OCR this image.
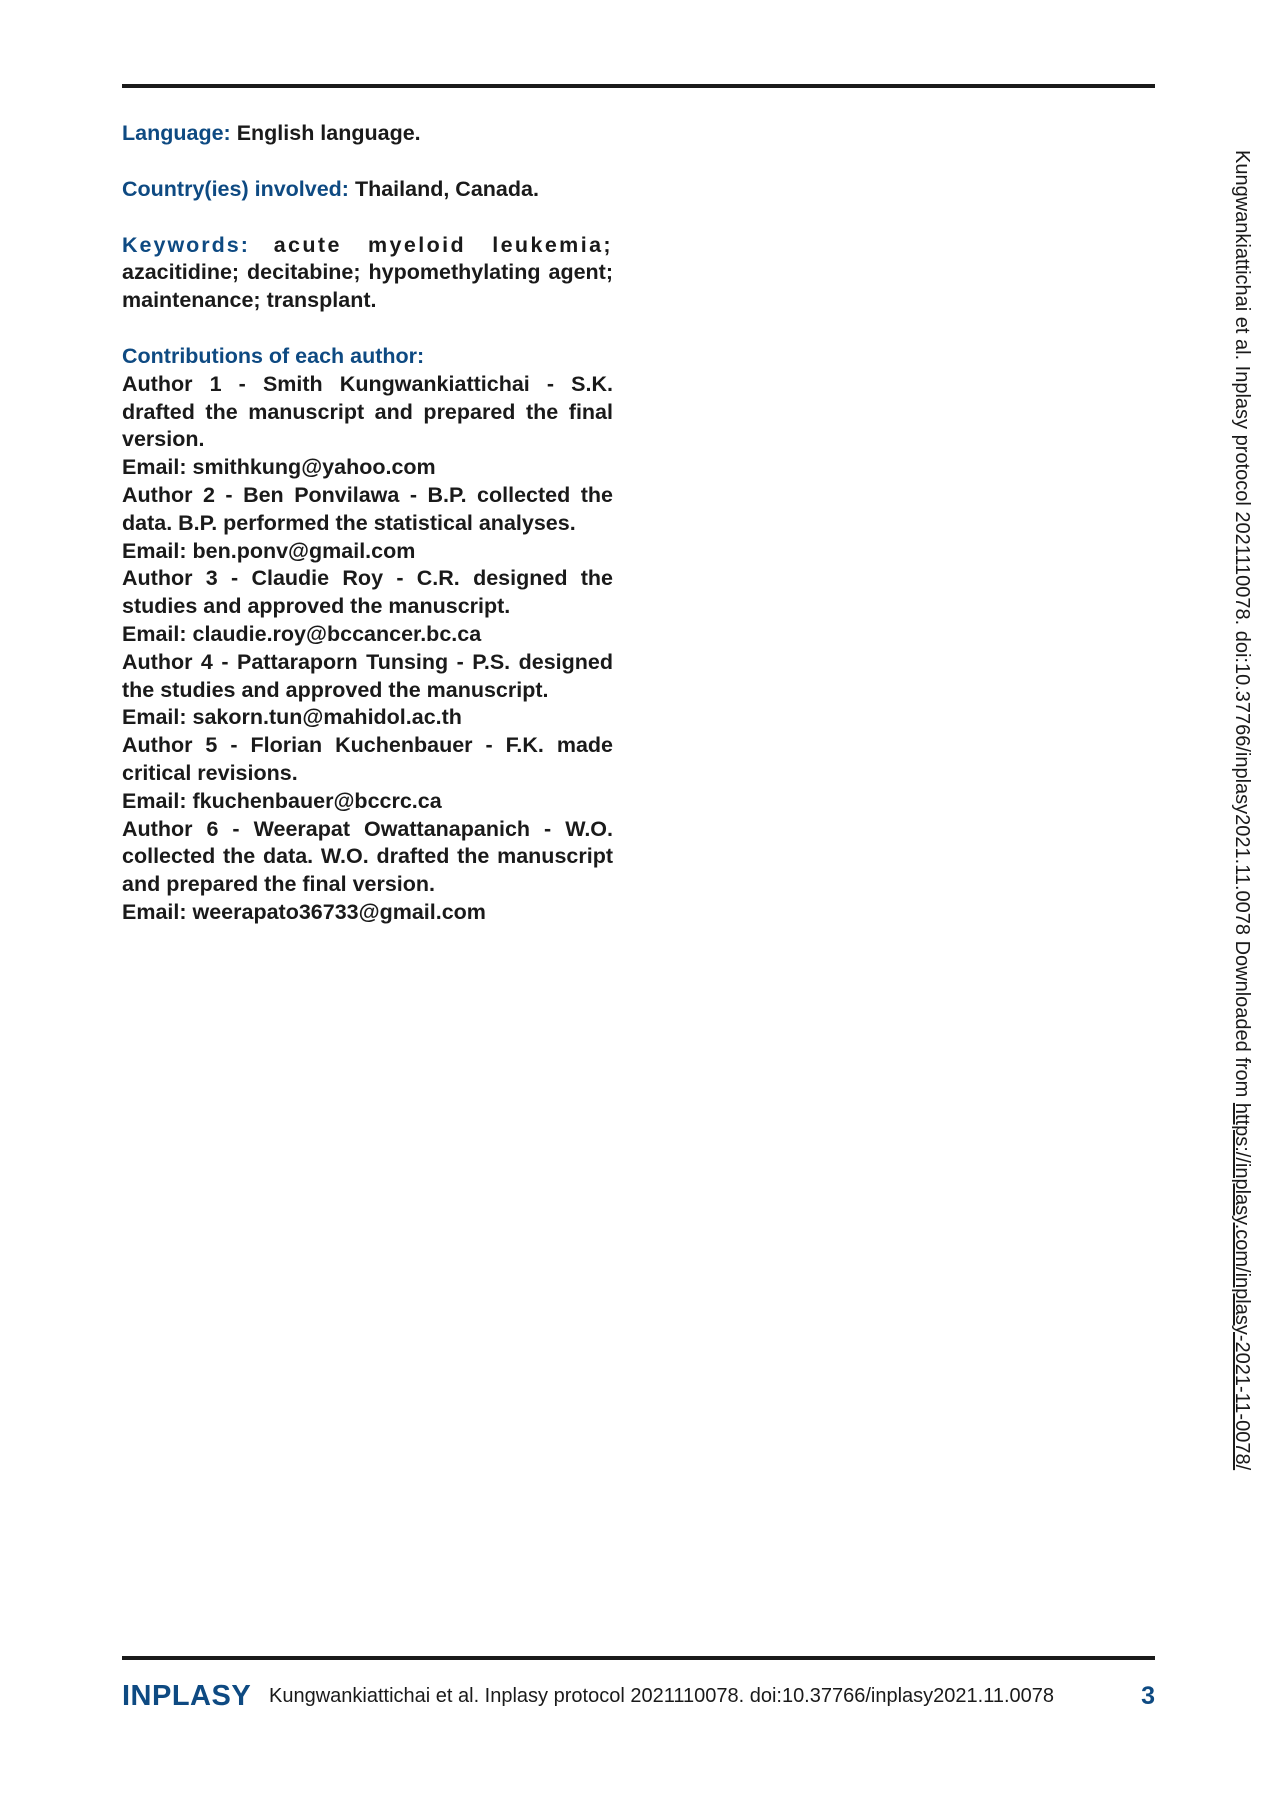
Language: English language.

Country(ies) involved: Thailand, Canada.

Keywords: acute myeloid leukemia; azacitidine; decitabine; hypomethylating agent; maintenance; transplant.

Contributions of each author:

Author 1 - Smith Kungwankiattichai - S.K. drafted the manuscript and prepared the final version.

Email: smithkung@yahoo.com

Author 2 - Ben Ponvilawa - B.P. collected the data. B.P. performed the statistical analyses.

Email: ben.ponv@gmail.com

Author 3 - Claudie Roy - C.R. designed the studies and approved the manuscript.

Email: claudie.roy@bccancer.bc.ca

Author 4 - Pattaraporn Tunsing - P.S. designed the studies and approved the manuscript.

Email: sakorn.tun@mahidol.ac.th

Author 5 - Florian Kuchenbauer - F.K. made critical revisions.

Email: fkuchenbauer@bccrc.ca

Author 6 - Weerapat Owattanapanich - W.O. collected the data. W.O. drafted the manuscript and prepared the final version.

Email: weerapato36733@gmail.com	Kungwankiattichai et al. Inplasy protocol 2021110078. doi:10.37766/inplasy2021.11.0078 Downloaded from https://inplasy.com/inplasy-2021-11-0078/
INPLASY Kungwankiattichai et al. Inplasy protocol 2021110078. doi:10.37766/inplasy2021.11.0078	3
